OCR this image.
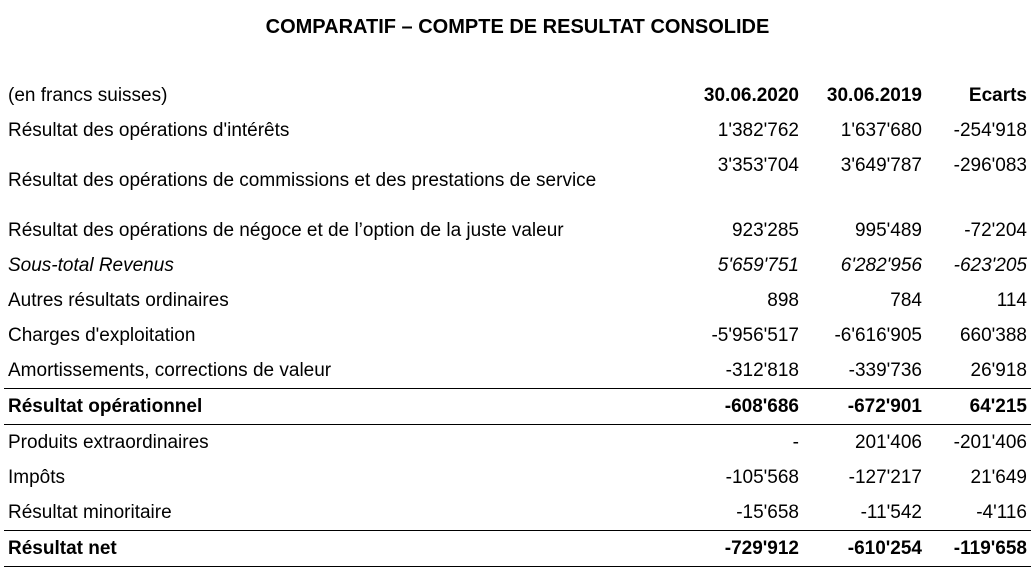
COMPARATIF – COMPTE DE RESULTAT CONSOLIDE
(en francs suisses)	30.06.2020	30.06.2019	Ecarts
Résultat des opérations d'intérêts	1'382'762	1'637'680	-254'918
Résultat des opérations de commissions et des prestations de service	3'353'704	3'649'787	-296'083
Résultat des opérations de négoce et de l’option de la juste valeur	923'285	995'489	-72'204
Sous-total Revenus	5'659'751	6'282'956	-623'205
Autres résultats ordinaires	898	784	114
Charges d'exploitation	-5'956'517	-6'616'905	660'388
Amortissements, corrections de valeur	-312'818	-339'736	26'918
Résultat opérationnel	-608'686	-672'901	64'215
Produits extraordinaires	-	201'406	-201'406
Impôts	-105'568	-127'217	21'649
Résultat minoritaire	-15'658	-11'542	-4'116
Résultat net	-729'912	-610'254	-119'658
